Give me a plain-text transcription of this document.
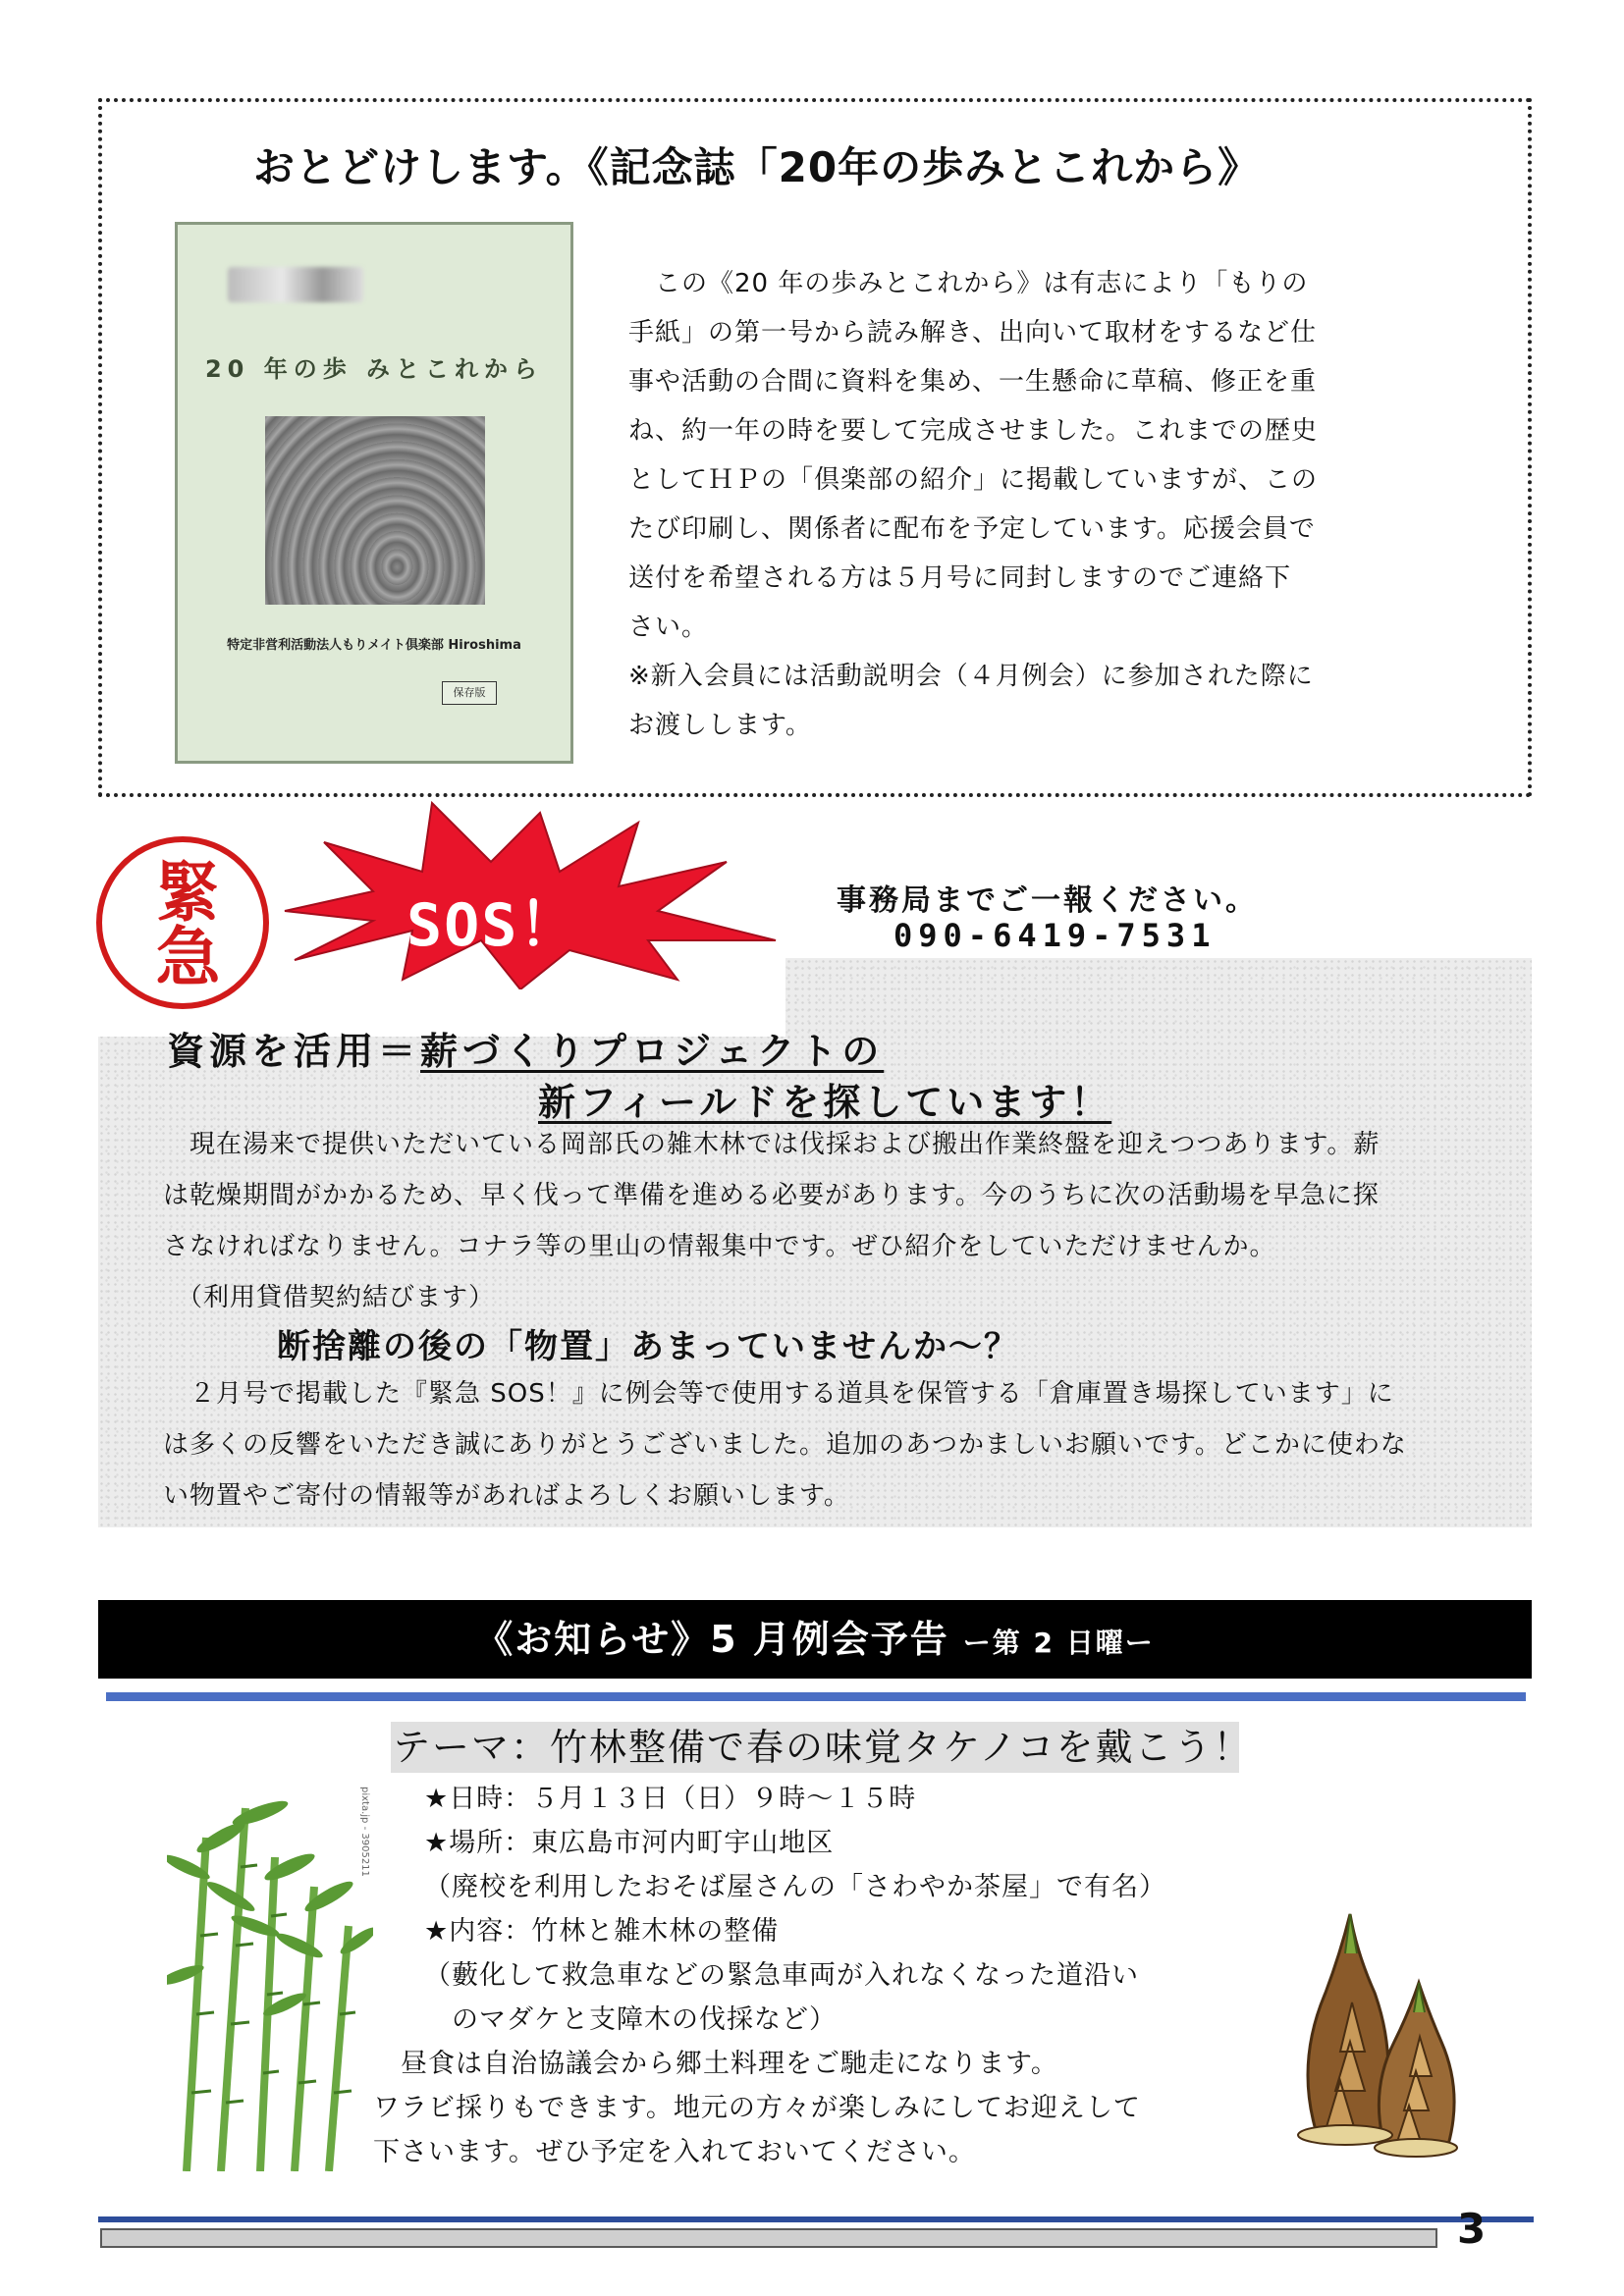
おとどけします。《記念誌「20年の歩みとこれから》
20 年の歩 みとこれから
特定非営利活動法人もりメイト倶楽部 Hiroshima
保存版

　この《20 年の歩みとこれから》は有志により「もりの

手紙」の第一号から読み解き、出向いて取材をするなど仕

事や活動の合間に資料を集め、一生懸命に草稿、修正を重

ね、約一年の時を要して完成させました。これまでの歴史

としてＨＰの「倶楽部の紹介」に掲載していますが、この

たび印刷し、関係者に配布を予定しています。応援会員で

送付を希望される方は５月号に同封しますのでご連絡下

さい。

※新入会員には活動説明会（４月例会）に参加された際に

お渡しします。

SOS！
緊急	事務局までご一報ください。
090-6419-7531
資源を活用＝薪づくりプロジェクトの
新フィールドを探しています！

　現在湯来で提供いただいている岡部氏の雑木林では伐採および搬出作業終盤を迎えつつあります。薪

は乾燥期間がかかるため、早く伐って準備を進める必要があります。今のうちに次の活動場を早急に探

さなければなりません。コナラ等の里山の情報集中です。ぜひ紹介をしていただけませんか。

　（利用貸借契約結びます）

断捨離の後の「物置」あまっていませんか～？

　２月号で掲載した『緊急 SOS！』に例会等で使用する道具を保管する「倉庫置き場探しています」に

は多くの反響をいただき誠にありがとうございました。追加のあつかましいお願いです。どこかに使わな

い物置やご寄付の情報等があればよろしくお願いします。

《お知らせ》5 月例会予告 ー第 2 日曜ー
テーマ：竹林整備で春の味覚タケノコを戴こう！
pixta.jp - 3905211 ★日時：５月１３日（日）９時～１５時

★場所：東広島市河内町宇山地区

（廃校を利用したおそば屋さんの「さわやか茶屋」で有名）

★内容：竹林と雑木林の整備

（藪化して救急車などの緊急車両が入れなくなった道沿い

　のマダケと支障木の伐採など）

　昼食は自治協議会から郷土料理をご馳走になります。

ワラビ採りもできます。地元の方々が楽しみにしてお迎えして

下さいます。ぜひ予定を入れておいてください。

3
